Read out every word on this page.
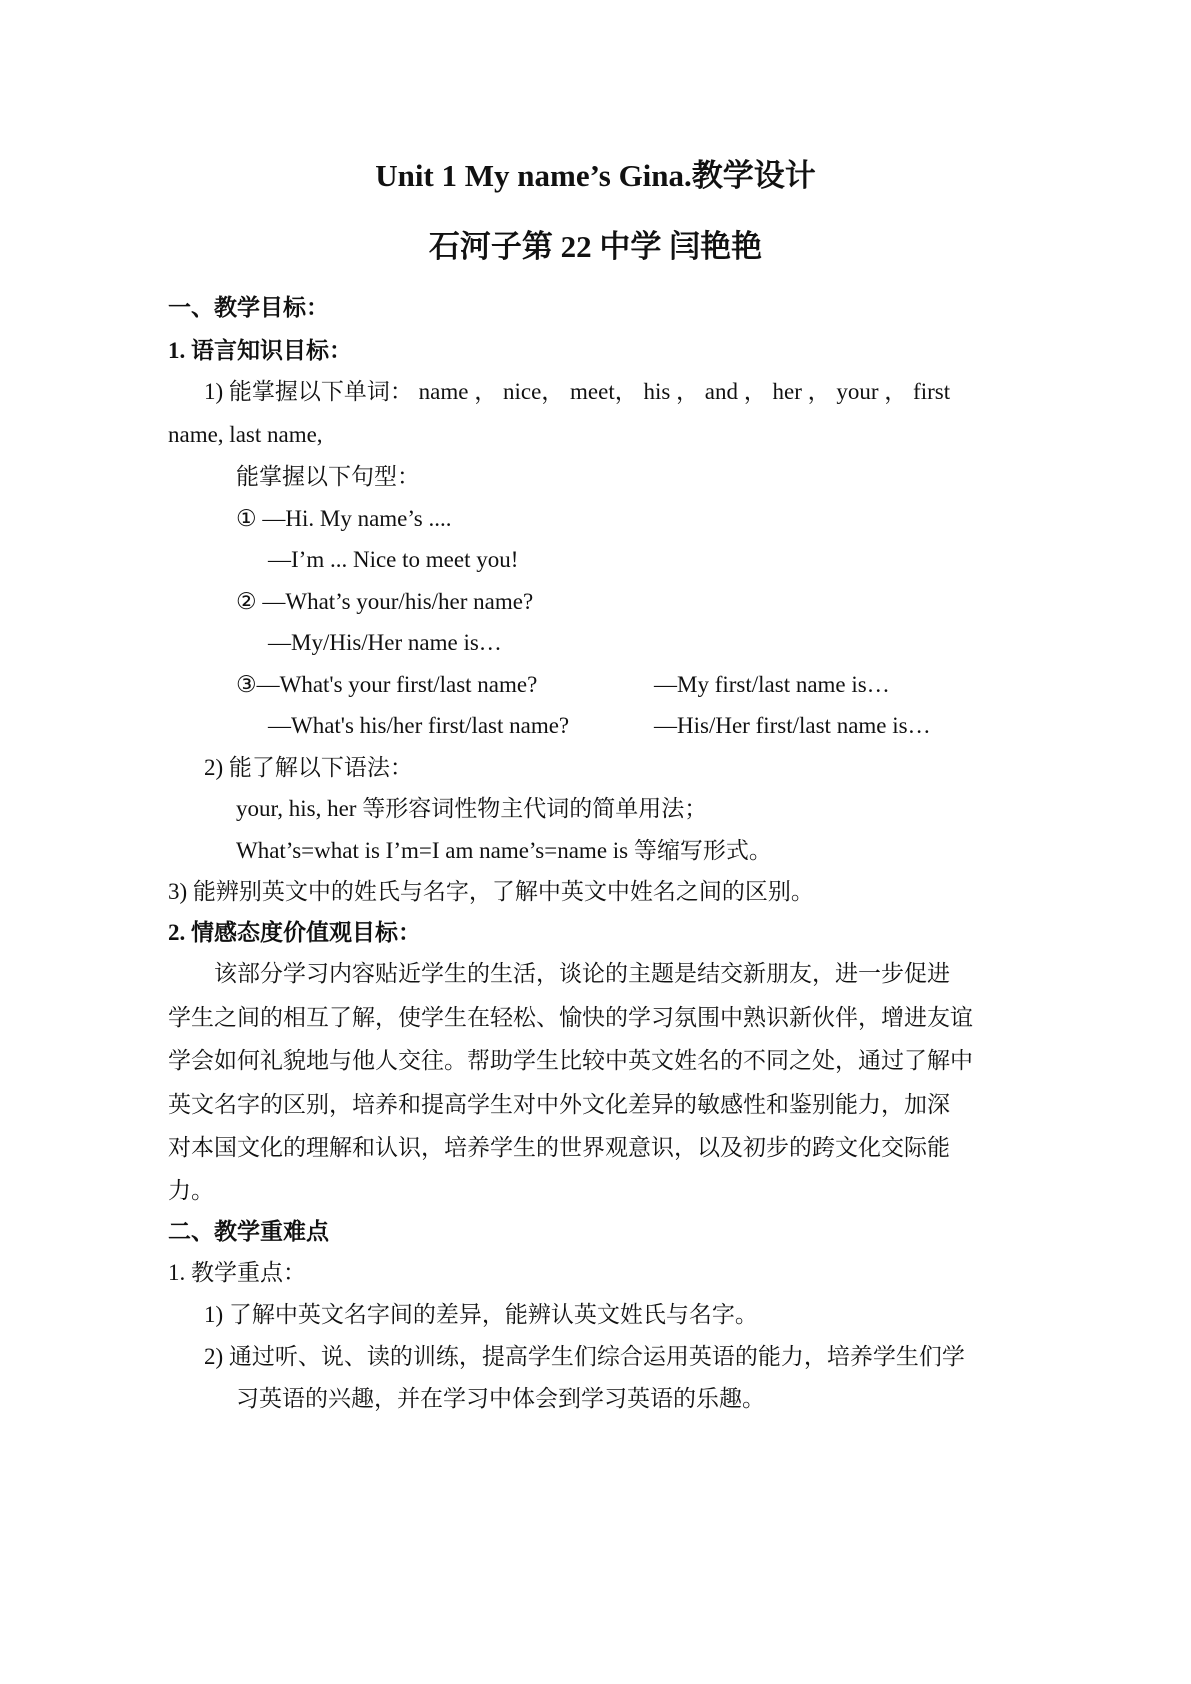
Unit 1 My name’s Gina.教学设计
石河子第 22 中学 闫艳艳
一、教学目标：
1. 语言知识目标：
1) 能掌握以下单词： name ， nice， meet， his ， and ， her ， your ， first
name, last name,
能掌握以下句型：
① —Hi. My name’s ....
—I’m ... Nice to meet you!
② —What’s your/his/her name?
—My/His/Her name is…
③—What's your first/last name?	—My first/last name is…
—What's his/her first/last name?	—His/Her first/last name is…
2) 能了解以下语法：
your, his, her 等形容词性物主代词的简单用法；
What’s=what is I’m=I am name’s=name is 等缩写形式。
3) 能辨别英文中的姓氏与名字，了解中英文中姓名之间的区别。
2. 情感态度价值观目标：
该部分学习内容贴近学生的生活，谈论的主题是结交新朋友，进一步促进
学生之间的相互了解，使学生在轻松、愉快的学习氛围中熟识新伙伴，增进友谊
学会如何礼貌地与他人交往。帮助学生比较中英文姓名的不同之处，通过了解中
英文名字的区别，培养和提高学生对中外文化差异的敏感性和鉴别能力，加深
对本国文化的理解和认识，培养学生的世界观意识，以及初步的跨文化交际能
力。
二、教学重难点
1. 教学重点：
1) 了解中英文名字间的差异，能辨认英文姓氏与名字。
2) 通过听、说、读的训练，提高学生们综合运用英语的能力，培养学生们学
习英语的兴趣，并在学习中体会到学习英语的乐趣。
